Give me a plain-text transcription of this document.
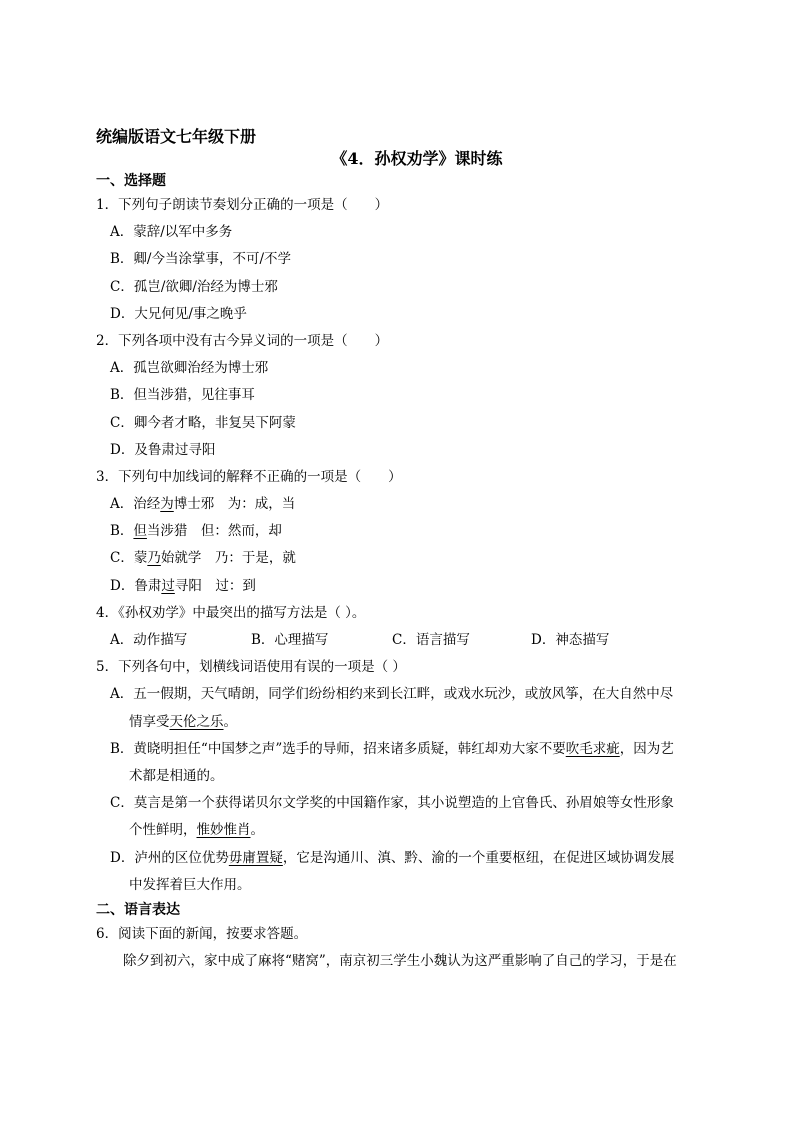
统编版语文七年级下册
《4．孙权劝学》课时练
一、选择题
1．下列句子朗读节奏划分正确的一项是（　　）
A．蒙辞/以军中多务
B．卿/今当涂掌事，不可/不学
C．孤岂/欲卿/治经为博士邪
D．大兄何见/事之晚乎
2．下列各项中没有古今异义词的一项是（　　）
A．孤岂欲卿治经为博士邪
B．但当涉猎，见往事耳
C．卿今者才略，非复吴下阿蒙
D．及鲁肃过寻阳
3．下列句中加线词的解释不正确的一项是（　　）
A．治经为博士邪　为：成，当
B．但当涉猎　但：然而，却
C．蒙乃始就学　乃：于是，就
D．鲁肃过寻阳　过：到
4．《孙权劝学》中最突出的描写方法是（ ）。
A．动作描写	B．心理描写	C．语言描写	D．神态描写
5．下列各句中，划横线词语使用有误的一项是（ ）
A．五一假期，天气晴朗，同学们纷纷相约来到长江畔，或戏水玩沙，或放风筝，在大自然中尽
情享受天伦之乐。
B．黄晓明担任“中国梦之声”选手的导师，招来诸多质疑，韩红却劝大家不要吹毛求疵，因为艺
术都是相通的。
C．莫言是第一个获得诺贝尔文学奖的中国籍作家，其小说塑造的上官鲁氏、孙眉娘等女性形象
个性鲜明，惟妙惟肖。
D．泸州的区位优势毋庸置疑，它是沟通川、滇、黔、渝的一个重要枢纽，在促进区域协调发展
中发挥着巨大作用。
二、语言表达
6．阅读下面的新闻，按要求答题。
除夕到初六，家中成了麻将“赌窝”，南京初三学生小魏认为这严重影响了自己的学习，于是在
